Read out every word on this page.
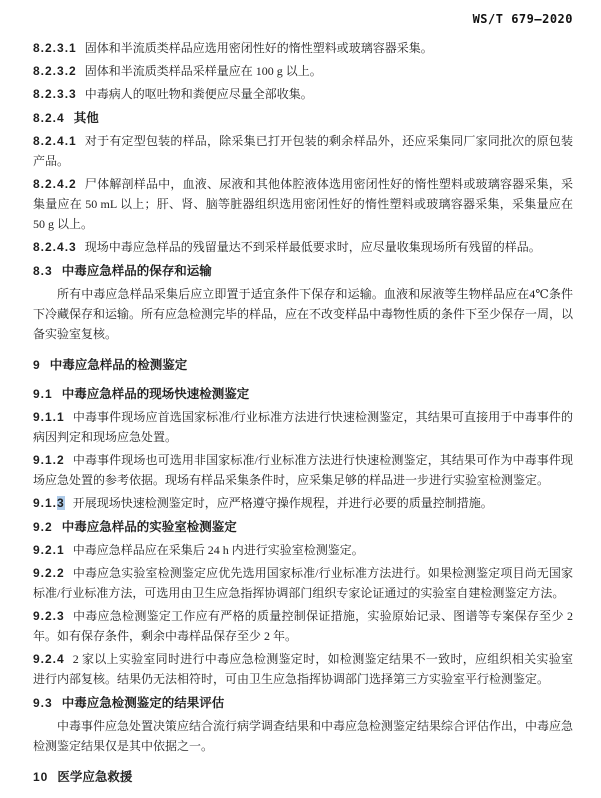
WS/T 679—2020

8.2.3.1 固体和半流质类样品应选用密闭性好的惰性塑料或玻璃容器采集。

8.2.3.2 固体和半流质类样品采样量应在 100 g 以上。

8.2.3.3 中毒病人的呕吐物和粪便应尽量全部收集。

8.2.4 其他

8.2.4.1 对于有定型包装的样品，除采集已打开包装的剩余样品外，还应采集同厂家同批次的原包装产品。

8.2.4.2 尸体解剖样品中，血液、尿液和其他体腔液体选用密闭性好的惰性塑料或玻璃容器采集，采集量应在 50 mL 以上；肝、肾、脑等脏器组织选用密闭性好的惰性塑料或玻璃容器采集，采集量应在 50 g 以上。

8.2.4.3 现场中毒应急样品的残留量达不到采样最低要求时，应尽量收集现场所有残留的样品。

8.3 中毒应急样品的保存和运输

所有中毒应急样品采集后应立即置于适宜条件下保存和运输。血液和尿液等生物样品应在4℃条件下冷藏保存和运输。所有应急检测完毕的样品，应在不改变样品中毒物性质的条件下至少保存一周，以备实验室复核。

9 中毒应急样品的检测鉴定
9.1 中毒应急样品的现场快速检测鉴定

9.1.1 中毒事件现场应首选国家标准/行业标准方法进行快速检测鉴定，其结果可直接用于中毒事件的病因判定和现场应急处置。

9.1.2 中毒事件现场也可选用非国家标准/行业标准方法进行快速检测鉴定，其结果可作为中毒事件现场应急处置的参考依据。现场有样品采集条件时，应采集足够的样品进一步进行实验室检测鉴定。

9.1.3 开展现场快速检测鉴定时，应严格遵守操作规程，并进行必要的质量控制措施。

9.2 中毒应急样品的实验室检测鉴定

9.2.1 中毒应急样品应在采集后 24 h 内进行实验室检测鉴定。

9.2.2 中毒应急实验室检测鉴定应优先选用国家标准/行业标准方法进行。如果检测鉴定项目尚无国家标准/行业标准方法，可选用由卫生应急指挥协调部门组织专家论证通过的实验室自建检测鉴定方法。

9.2.3 中毒应急检测鉴定工作应有严格的质量控制保证措施，实验原始记录、图谱等专案保存至少 2 年。如有保存条件，剩余中毒样品保存至少 2 年。

9.2.4 2 家以上实验室同时进行中毒应急检测鉴定时，如检测鉴定结果不一致时，应组织相关实验室进行内部复核。结果仍无法相符时，可由卫生应急指挥协调部门选择第三方实验室平行检测鉴定。

9.3 中毒应急检测鉴定的结果评估

中毒事件应急处置决策应结合流行病学调查结果和中毒应急检测鉴定结果综合评估作出，中毒应急检测鉴定结果仅是其中依据之一。

10 医学应急救援
